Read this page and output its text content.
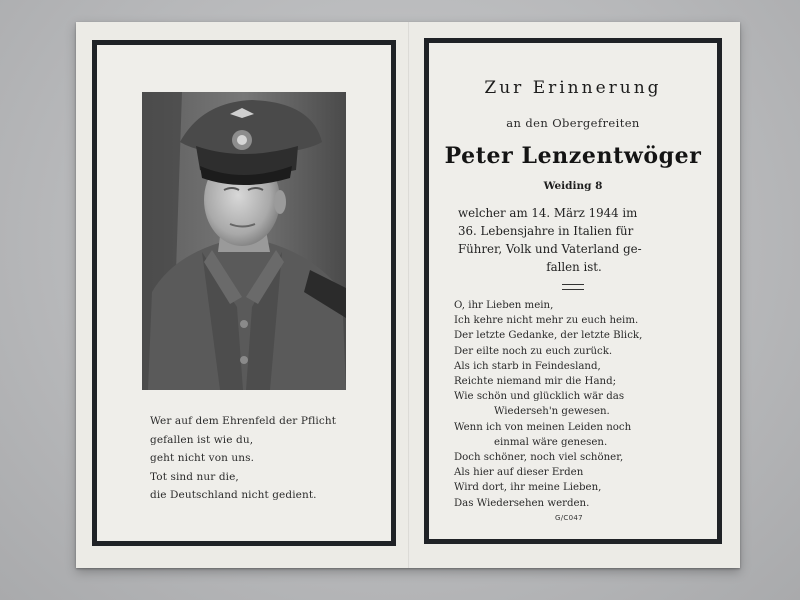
Wer auf dem Ehrenfeld der Pflicht
gefallen ist wie du,
geht nicht von uns.
Tot sind nur die,
die Deutschland nicht gedient.
Zur Erinnerung
an den Obergefreiten
Peter Lenzentwöger
Weiding 8
welcher am 14. März 1944 im
36. Lebensjahre in Italien für
Führer, Volk und Vaterland ge-
fallen ist.
O, ihr Lieben mein,
Ich kehre nicht mehr zu euch heim.
Der letzte Gedanke, der letzte Blick,
Der eilte noch zu euch zurück.
Als ich starb in Feindesland,
Reichte niemand mir die Hand;
Wie schön und glücklich wär das
Wiederseh'n gewesen.
Wenn ich von meinen Leiden noch
einmal wäre genesen.
Doch schöner, noch viel schöner,
Als hier auf dieser Erden
Wird dort, ihr meine Lieben,
Das Wiedersehen werden.
G/C047
